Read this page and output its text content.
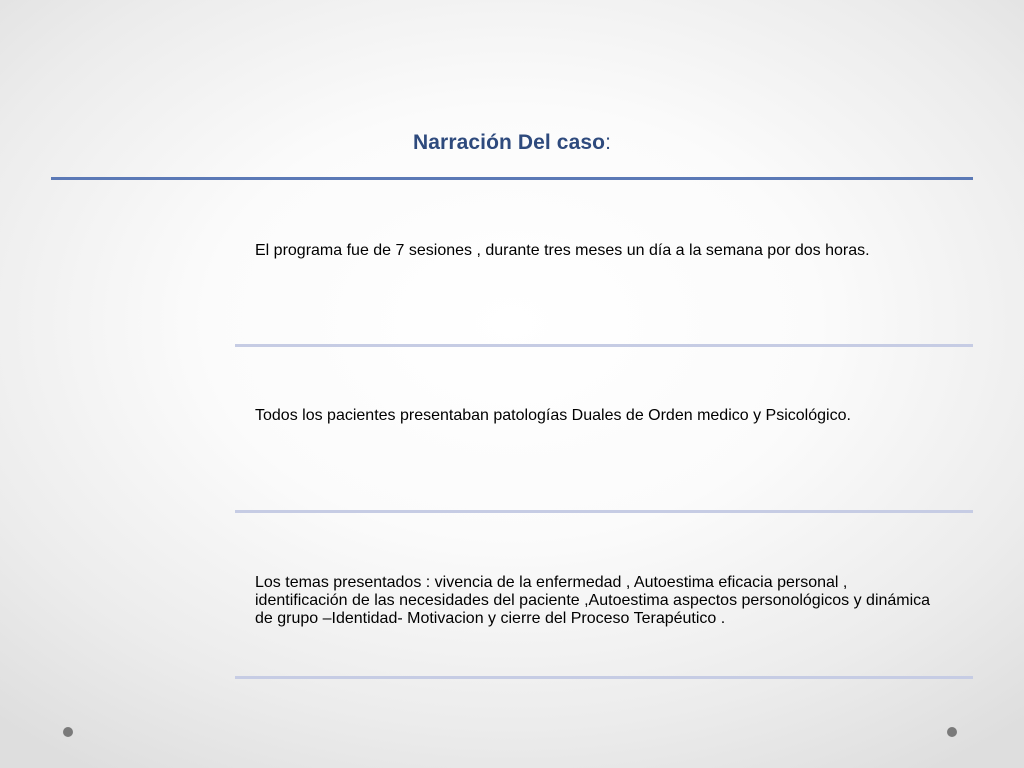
Narración Del caso:
El programa fue de 7 sesiones , durante tres meses un día a la semana por dos horas.
Todos los pacientes presentaban patologías Duales de Orden medico y Psicológico.
Los temas presentados : vivencia de la enfermedad , Autoestima eficacia personal , identificación de las necesidades del paciente ,Autoestima aspectos personológicos y dinámica de grupo –Identidad- Motivacion y cierre del Proceso Terapéutico .
